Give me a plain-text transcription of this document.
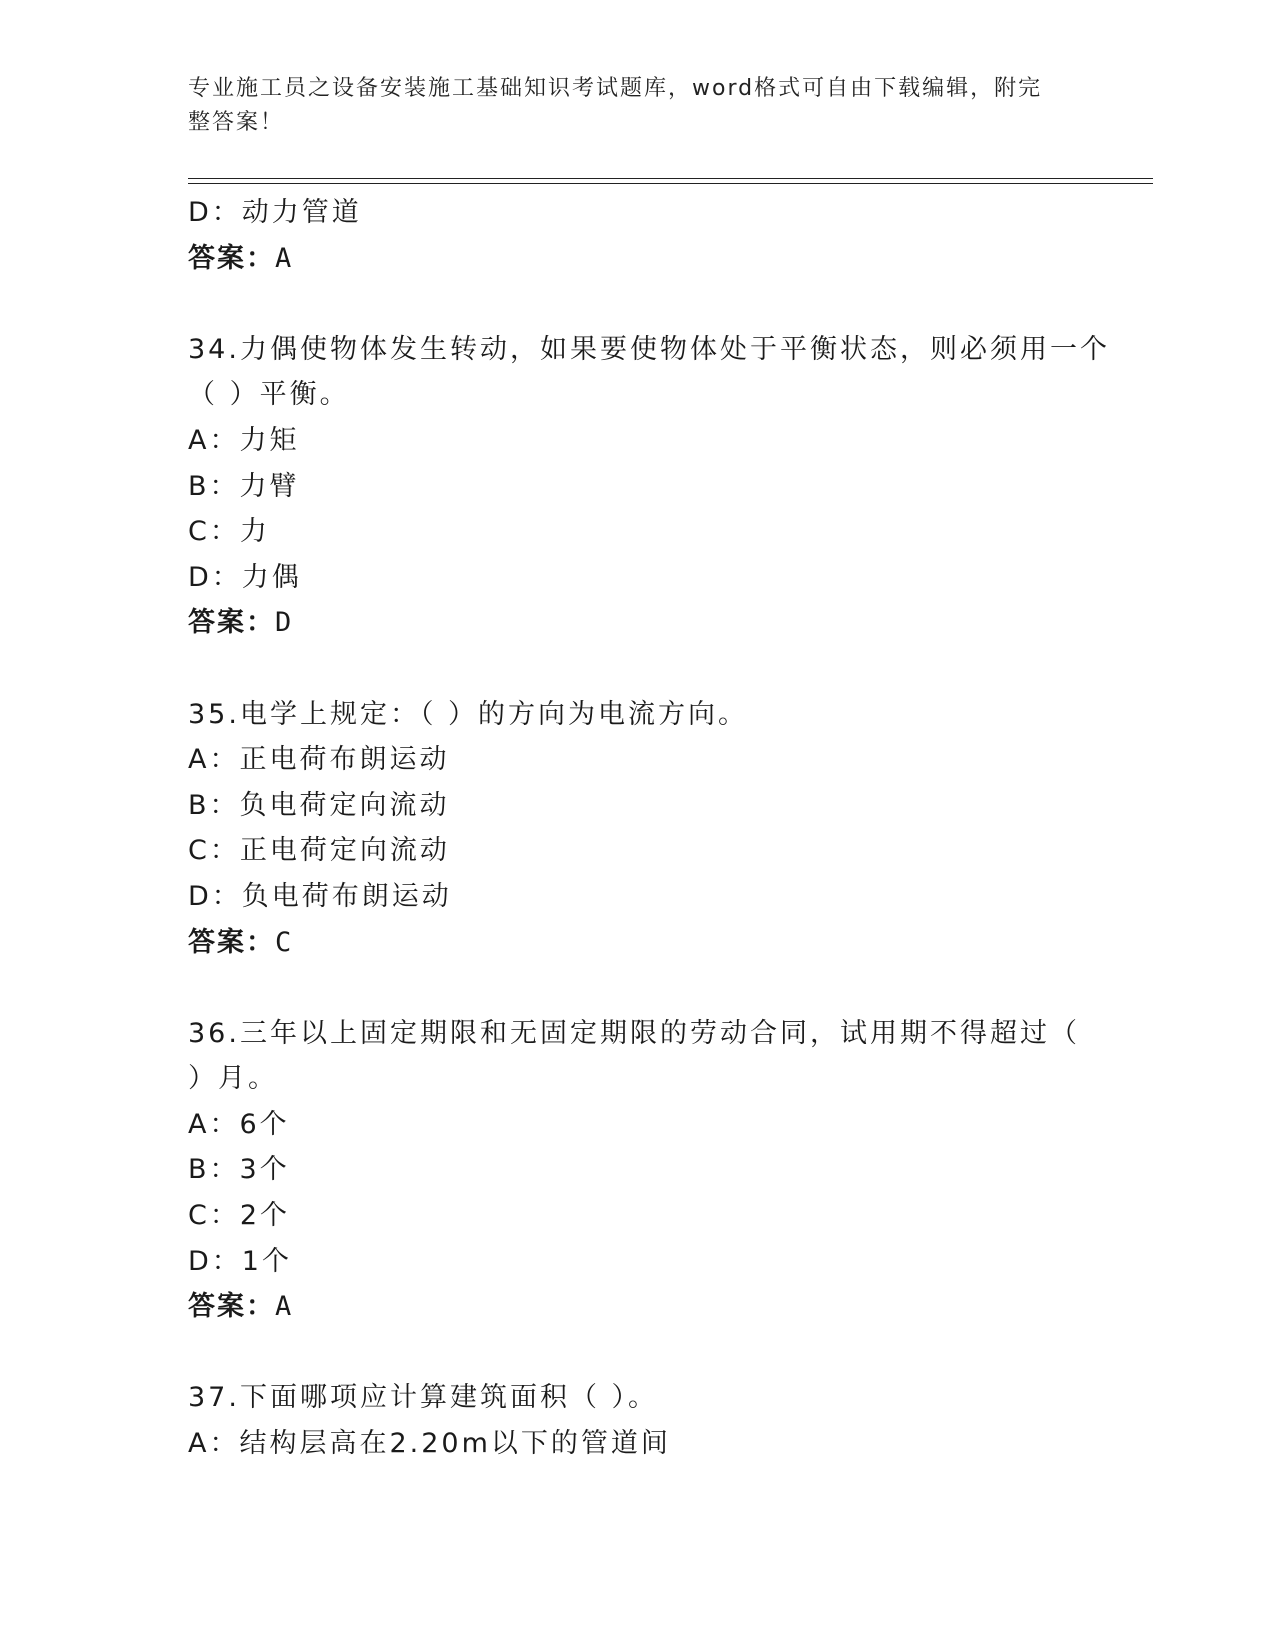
专业施工员之设备安装施工基础知识考试题库，word格式可自由下载编辑，附完
整答案！
D：动力管道
答案：A
34.力偶使物体发生转动，如果要使物体处于平衡状态，则必须用一个
（ ）平衡。
A：力矩
B：力臂
C：力
D：力偶
答案：D
35.电学上规定：（ ）的方向为电流方向。
A：正电荷布朗运动
B：负电荷定向流动
C：正电荷定向流动
D：负电荷布朗运动
答案：C
36.三年以上固定期限和无固定期限的劳动合同，试用期不得超过（
）月。
A：6个
B：3个
C：2个
D：1个
答案：A
37.下面哪项应计算建筑面积（ ）。
A：结构层高在2.20m以下的管道间
